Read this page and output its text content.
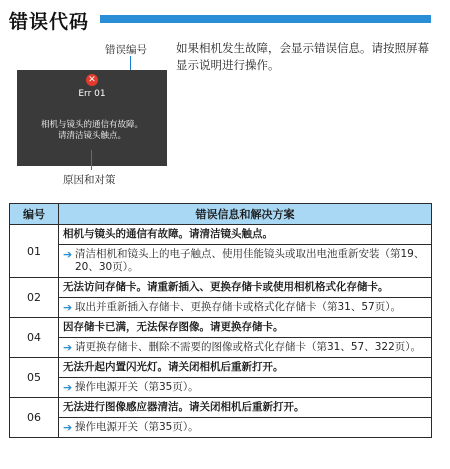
错误代码
错误编号
✕
Err 01
相机与镜头的通信有故障。
请清洁镜头触点。
原因和对策
如果相机发生故障，会显示错误信息。请按照屏幕显示说明进行操作。
编号	错误信息和解决方案
01	相机与镜头的通信有故障。请清洁镜头触点。
➔ 清洁相机和镜头上的电子触点、使用佳能镜头或取出电池重新安装（第19、20、30页）。

02	无法访问存储卡。请重新插入、更换存储卡或使用相机格式化存储卡。
➔ 取出并重新插入存储卡、更换存储卡或格式化存储卡（第31、57页）。

04	因存储卡已满，无法保存图像。请更换存储卡。
➔ 请更换存储卡、删除不需要的图像或格式化存储卡（第31、57、322页）。

05	无法升起内置闪光灯。请关闭相机后重新打开。
➔ 操作电源开关（第35页）。

06	无法进行图像感应器清洁。请关闭相机后重新打开。
➔ 操作电源开关（第35页）。
